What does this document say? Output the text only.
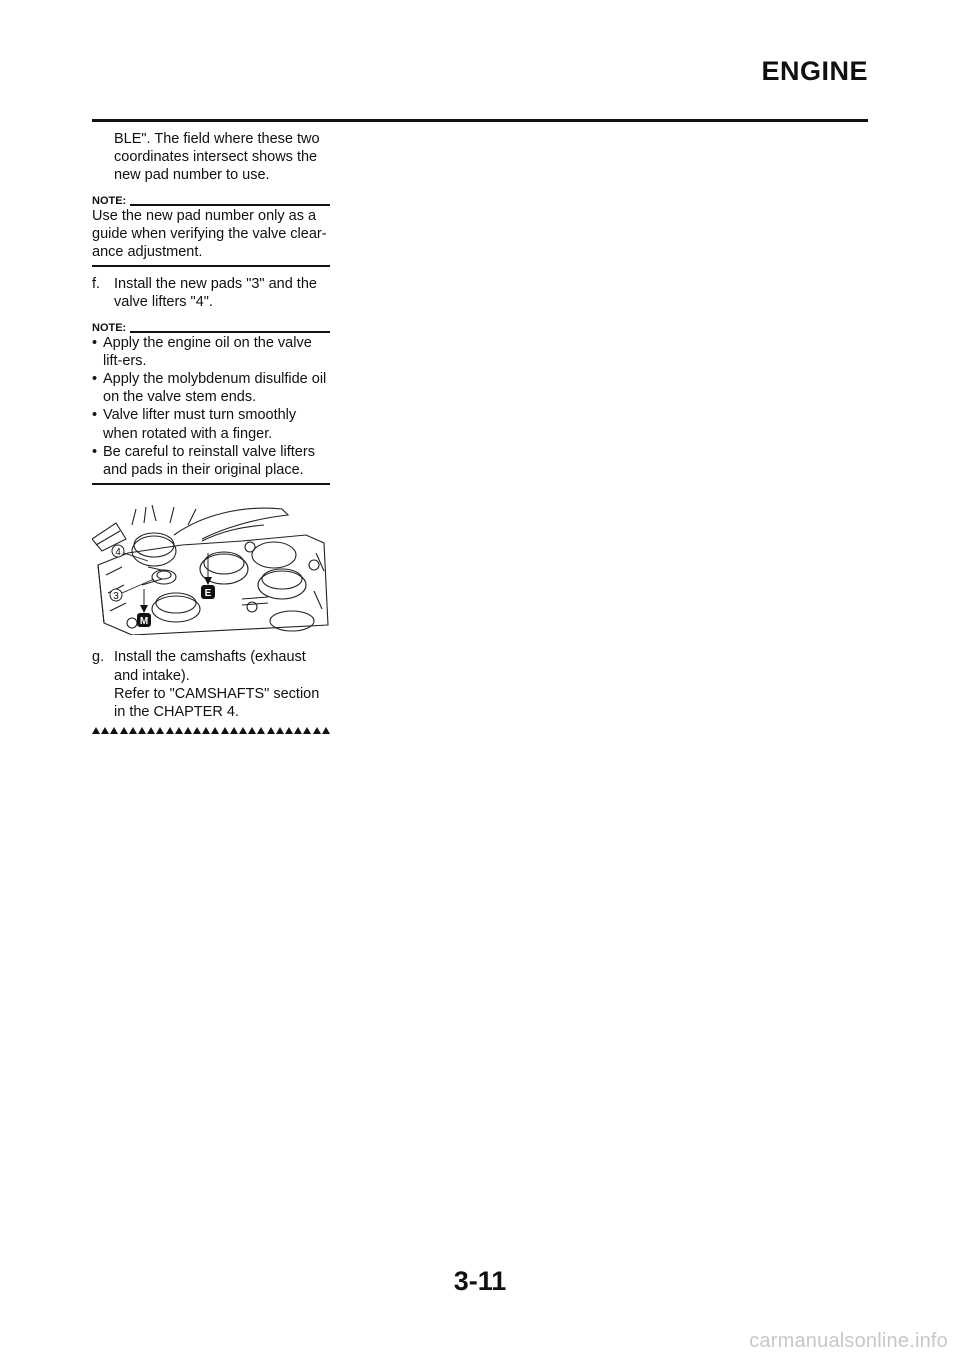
ENGINE

BLE". The field where these two coordinates intersect shows the new pad number to use.

NOTE:

Use the new pad number only as a guide when verifying the valve clear-ance adjustment.

f. Install the new pads "3" and the valve lifters "4".
NOTE:
• Apply the engine oil on the valve lift-ers.
• Apply the molybdenum disulfide oil on the valve stem ends.
• Valve lifter must turn smoothly when rotated with a finger.
• Be careful to reinstall valve lifters and pads in their original place.
4
3	E
M
g. Install the camshafts (exhaust and intake).
Refer to "CAMSHAFTS" section in the CHAPTER 4.

3-11

carmanualsonline.info
